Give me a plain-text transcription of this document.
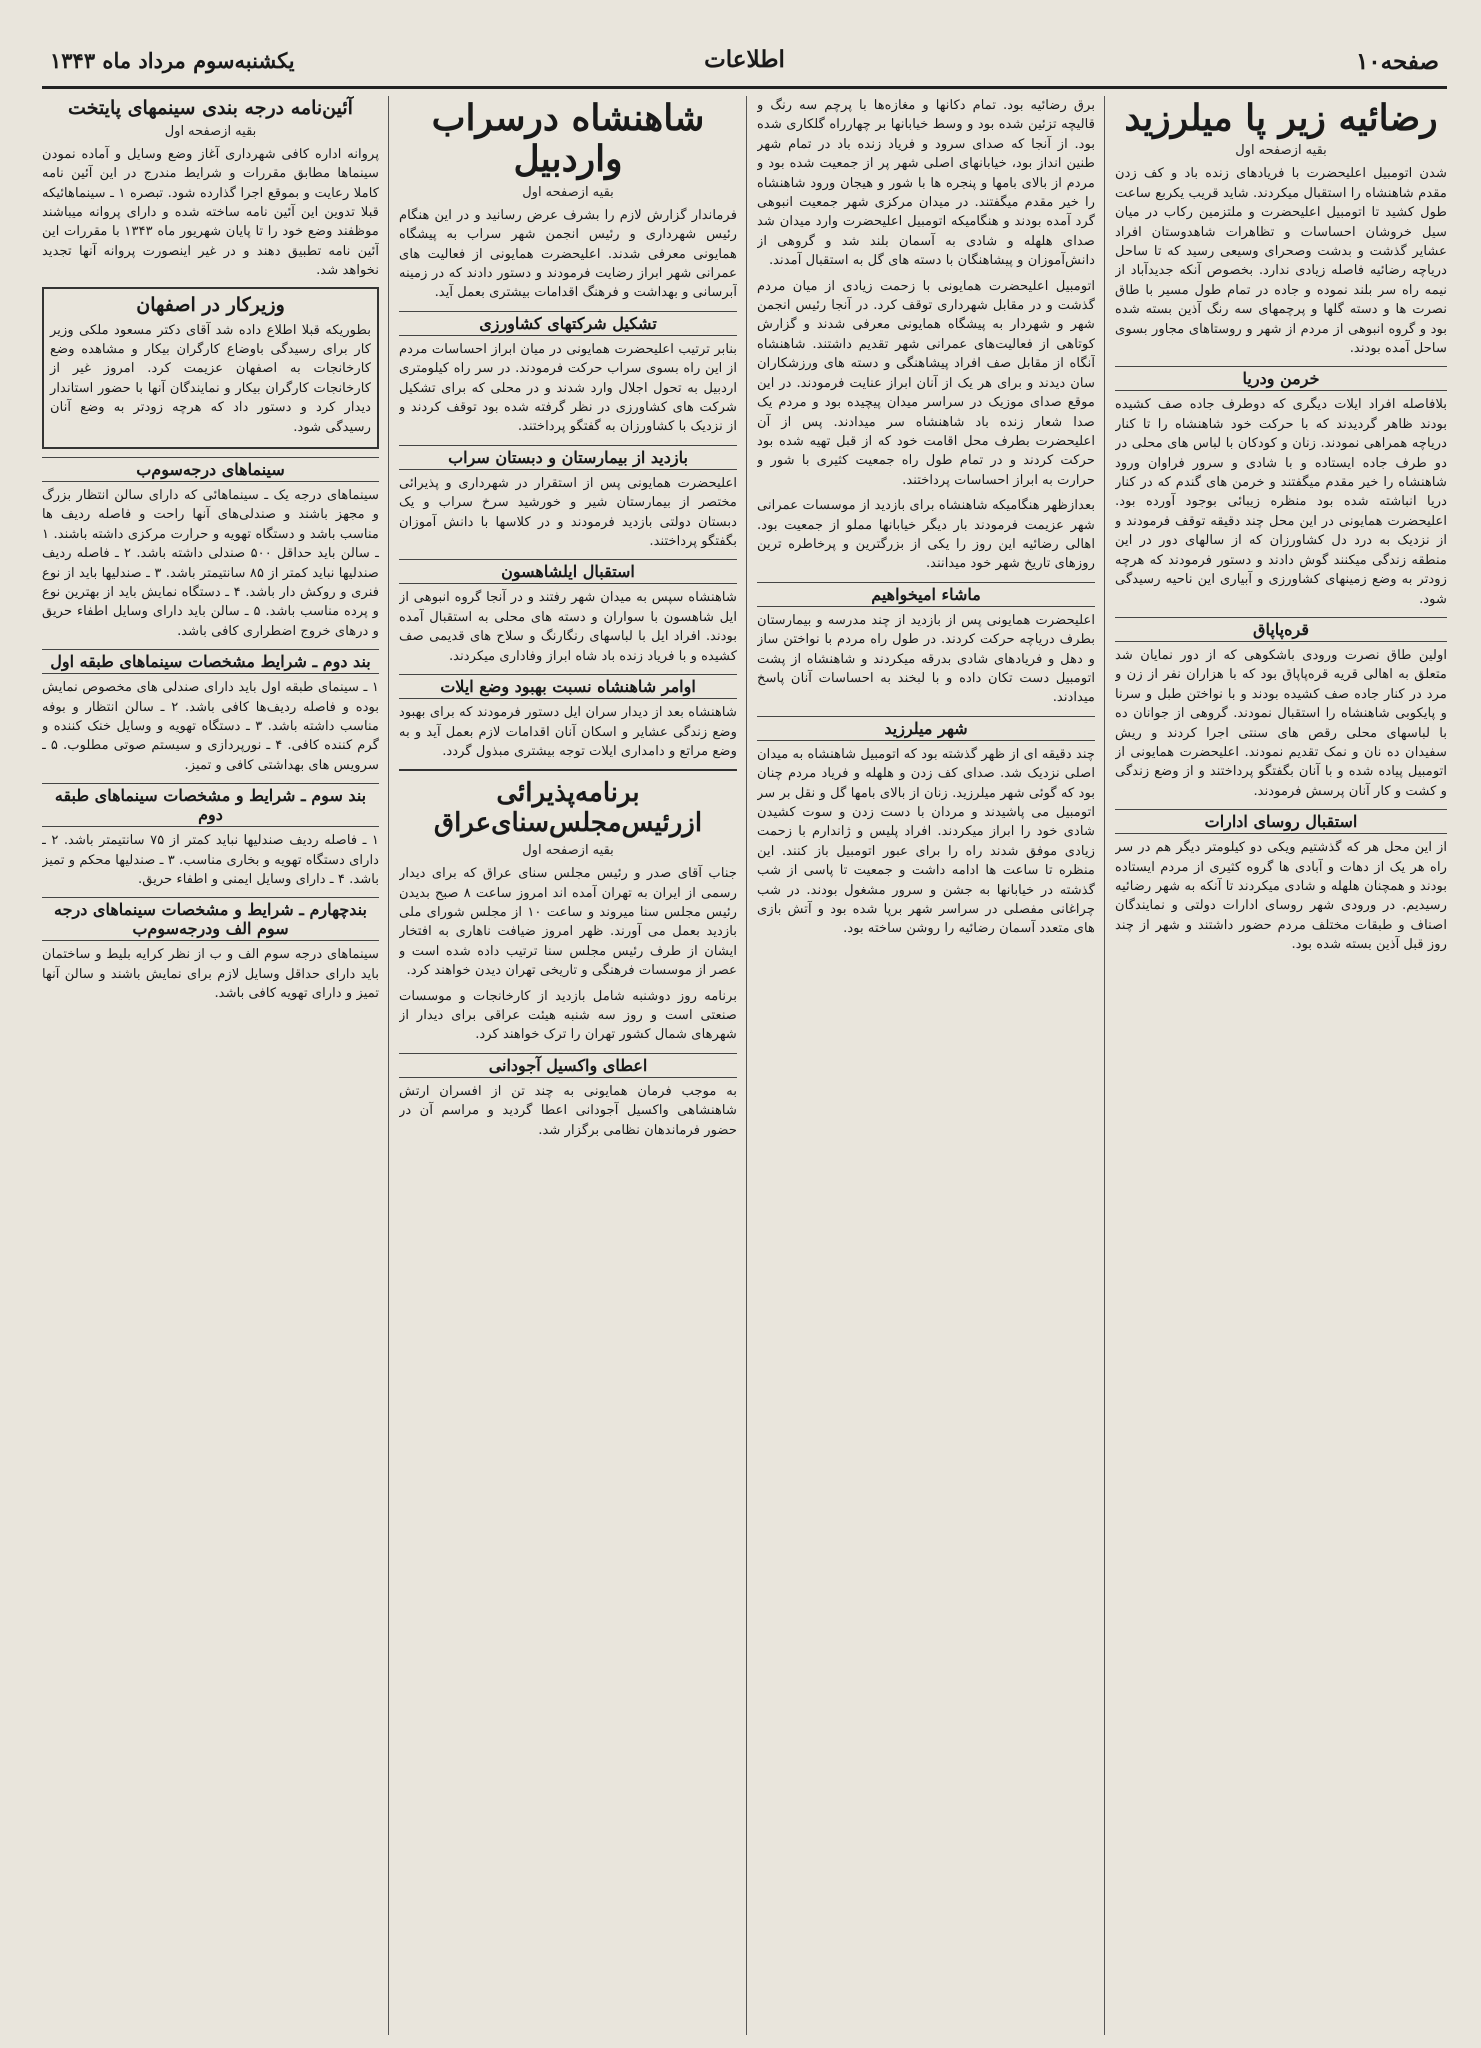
صفحه۱۰
اطلاعات
یکشنبه‌سوم مرداد ماه ۱۳۴۳
رضائیه زیر پا میلرزید
بقیه ازصفحه اول

شدن اتومبیل اعلیحضرت با فریادهای زنده باد و کف زدن مقدم شاهنشاه را استقبال میکردند. شاید قریب یکربع ساعت طول کشید تا اتومبیل اعلیحضرت و ملتزمین رکاب در میان سیل خروشان احساسات و تظاهرات شاهدوستان افراد عشایر گذشت و بدشت وصحرای وسیعی رسید که تا ساحل دریاچه رضائیه فاصله زیادی ندارد. بخصوص آنکه جدیدآباد از نیمه راه سر بلند نموده و جاده در تمام طول مسیر با طاق نصرت ها و دسته گلها و پرچمهای سه رنگ آذین بسته شده بود و گروه انبوهی از مردم از شهر و روستاهای مجاور بسوی ساحل آمده بودند.

خرمن ودریا

بلافاصله افراد ایلات دیگری که دوطرف جاده صف کشیده بودند ظاهر گردیدند که با حرکت خود شاهنشاه را تا کنار دریاچه همراهی نمودند. زنان و کودکان با لباس های محلی در دو طرف جاده ایستاده و با شادی و سرور فراوان ورود شاهنشاه را خیر مقدم میگفتند و خرمن های گندم که در کنار دریا انباشته شده بود منظره زیبائی بوجود آورده بود. اعلیحضرت همایونی در این محل چند دقیقه توقف فرمودند و از نزدیک به درد دل کشاورزان که از سالهای دور در این منطقه زندگی میکنند گوش دادند و دستور فرمودند که هرچه زودتر به وضع زمینهای کشاورزی و آبیاری این ناحیه رسیدگی شود.

قره‌پاپاق

اولین طاق نصرت ورودی باشکوهی که از دور نمایان شد متعلق به اهالی قریه قره‌پاپاق بود که با هزاران نفر از زن و مرد در کنار جاده صف کشیده بودند و با نواختن طبل و سرنا و پایکوبی شاهنشاه را استقبال نمودند. گروهی از جوانان ده با لباسهای محلی رقص های سنتی اجرا کردند و ریش سفیدان ده نان و نمک تقدیم نمودند. اعلیحضرت همایونی از اتومبیل پیاده شده و با آنان بگفتگو پرداختند و از وضع زندگی و کشت و کار آنان پرسش فرمودند.

استقبال روسای ادارات

از این محل هر که گذشتیم ویکی دو کیلومتر دیگر هم در سر راه هر یک از دهات و آبادی ها گروه کثیری از مردم ایستاده بودند و همچنان هلهله و شادی میکردند تا آنکه به شهر رضائیه رسیدیم. در ورودی شهر روسای ادارات دولتی و نمایندگان اصناف و طبقات مختلف مردم حضور داشتند و شهر از چند روز قبل آذین بسته شده بود.

برق رضائیه بود. تمام دکانها و مغازه‌ها با پرچم سه رنگ و قالیچه تزئین شده بود و وسط خیابانها بر چهارراه گلکاری شده بود. از آنجا که صدای سرود و فریاد زنده باد در تمام شهر طنین انداز بود، خیابانهای اصلی شهر پر از جمعیت شده بود و مردم از بالای بامها و پنجره ها با شور و هیجان ورود شاهنشاه را خیر مقدم میگفتند. در میدان مرکزی شهر جمعیت انبوهی گرد آمده بودند و هنگامیکه اتومبیل اعلیحضرت وارد میدان شد صدای هلهله و شادی به آسمان بلند شد و گروهی از دانش‌آموزان و پیشاهنگان با دسته های گل به استقبال آمدند.

اتومبیل اعلیحضرت همایونی با زحمت زیادی از میان مردم گذشت و در مقابل شهرداری توقف کرد. در آنجا رئیس انجمن شهر و شهردار به پیشگاه همایونی معرفی شدند و گزارش کوتاهی از فعالیت‌های عمرانی شهر تقدیم داشتند. شاهنشاه آنگاه از مقابل صف افراد پیشاهنگی و دسته های ورزشکاران سان دیدند و برای هر یک از آنان ابراز عنایت فرمودند. در این موقع صدای موزیک در سراسر میدان پیچیده بود و مردم یک صدا شعار زنده باد شاهنشاه سر میدادند. پس از آن اعلیحضرت بطرف محل اقامت خود که از قبل تهیه شده بود حرکت کردند و در تمام طول راه جمعیت کثیری با شور و حرارت به ابراز احساسات پرداختند.

بعدازظهر هنگامیکه شاهنشاه برای بازدید از موسسات عمرانی شهر عزیمت فرمودند بار دیگر خیابانها مملو از جمعیت بود. اهالی رضائیه این روز را یکی از بزرگترین و پرخاطره ترین روزهای تاریخ شهر خود میدانند.

ماشاء امیخواهیم

اعلیحضرت همایونی پس از بازدید از چند مدرسه و بیمارستان بطرف دریاچه حرکت کردند. در طول راه مردم با نواختن ساز و دهل و فریادهای شادی بدرقه میکردند و شاهنشاه از پشت اتومبیل دست تکان داده و با لبخند به احساسات آنان پاسخ میدادند.

شهر میلرزید

چند دقیقه ای از ظهر گذشته بود که اتومبیل شاهنشاه به میدان اصلی نزدیک شد. صدای کف زدن و هلهله و فریاد مردم چنان بود که گوئی شهر میلرزید. زنان از بالای بامها گل و نقل بر سر اتومبیل می پاشیدند و مردان با دست زدن و سوت کشیدن شادی خود را ابراز میکردند. افراد پلیس و ژاندارم با زحمت زیادی موفق شدند راه را برای عبور اتومبیل باز کنند. این منظره تا ساعت ها ادامه داشت و جمعیت تا پاسی از شب گذشته در خیابانها به جشن و سرور مشغول بودند. در شب چراغانی مفصلی در سراسر شهر برپا شده بود و آتش بازی های متعدد آسمان رضائیه را روشن ساخته بود.

شاهنشاه درسراب واردبیل
بقیه ازصفحه اول

فرماندار گزارش لازم را بشرف عرض رسانید و در این هنگام رئیس شهرداری و رئیس انجمن شهر سراب به پیشگاه همایونی معرفی شدند. اعلیحضرت همایونی از فعالیت های عمرانی شهر ابراز رضایت فرمودند و دستور دادند که در زمینه آبرسانی و بهداشت و فرهنگ اقدامات بیشتری بعمل آید.

تشکیل شرکتهای کشاورزی

بنابر ترتیب اعلیحضرت همایونی در میان ابراز احساسات مردم از این راه بسوی سراب حرکت فرمودند. در سر راه کیلومتری اردبیل به تحول اجلال وارد شدند و در محلی که برای تشکیل شرکت های کشاورزی در نظر گرفته شده بود توقف کردند و از نزدیک با کشاورزان به گفتگو پرداختند.

بازدید از بیمارستان و دبستان سراب

اعلیحضرت همایونی پس از استقرار در شهرداری و پذیرائی مختصر از بیمارستان شیر و خورشید سرخ سراب و یک دبستان دولتی بازدید فرمودند و در کلاسها با دانش آموزان بگفتگو پرداختند.

استقبال ایلشاهسون

شاهنشاه سپس به میدان شهر رفتند و در آنجا گروه انبوهی از ایل شاهسون با سواران و دسته های محلی به استقبال آمده بودند. افراد ایل با لباسهای رنگارنگ و سلاح های قدیمی صف کشیده و با فریاد زنده باد شاه ابراز وفاداری میکردند.

اوامر شاهنشاه نسبت بهبود وضع ایلات

شاهنشاه بعد از دیدار سران ایل دستور فرمودند که برای بهبود وضع زندگی عشایر و اسکان آنان اقدامات لازم بعمل آید و به وضع مراتع و دامداری ایلات توجه بیشتری مبذول گردد.

برنامه‌پذیرائی ازرئیس‌مجلس‌سنای‌عراق
بقیه ازصفحه اول

جناب آقای صدر و رئیس مجلس سنای عراق که برای دیدار رسمی از ایران به تهران آمده اند امروز ساعت ۸ صبح بدیدن رئیس مجلس سنا میروند و ساعت ۱۰ از مجلس شورای ملی بازدید بعمل می آورند. ظهر امروز ضیافت ناهاری به افتخار ایشان از طرف رئیس مجلس سنا ترتیب داده شده است و عصر از موسسات فرهنگی و تاریخی تهران دیدن خواهند کرد.

برنامه روز دوشنبه شامل بازدید از کارخانجات و موسسات صنعتی است و روز سه شنبه هیئت عراقی برای دیدار از شهرهای شمال کشور تهران را ترک خواهند کرد.

اعطای واکسیل آجودانی

به موجب فرمان همایونی به چند تن از افسران ارتش شاهنشاهی واکسیل آجودانی اعطا گردید و مراسم آن در حضور فرماندهان نظامی برگزار شد.

آئین‌نامه درجه بندی سینمهای پایتخت
بقیه ازصفحه اول

پروانه اداره کافی شهرداری آغاز وضع وسایل و آماده نمودن سینماها مطابق مقررات و شرایط مندرج در این آئین نامه کاملا رعایت و بموقع اجرا گذارده شود. تبصره ۱ ـ سینماهائیکه قبلا تدوین این آئین نامه ساخته شده و دارای پروانه میباشند موظفند وضع خود را تا پایان شهریور ماه ۱۳۴۳ با مقررات این آئین نامه تطبیق دهند و در غیر اینصورت پروانه آنها تجدید نخواهد شد.

وزیرکار در اصفهان

بطوریکه قبلا اطلاع داده شد آقای دکتر مسعود ملکی وزیر کار برای رسیدگی باوضاع کارگران بیکار و مشاهده وضع کارخانجات به اصفهان عزیمت کرد. امروز غیر از کارخانجات کارگران بیکار و نمایندگان آنها با حضور استاندار دیدار کرد و دستور داد که هرچه زودتر به وضع آنان رسیدگی شود.

سینماهای درجه‌سوم‌ب

سینماهای درجه یک ـ سینماهائی که دارای سالن انتظار بزرگ و مجهز باشند و صندلی‌های آنها راحت و فاصله ردیف ها مناسب باشد و دستگاه تهویه و حرارت مرکزی داشته باشند. ۱ ـ سالن باید حداقل ۵۰۰ صندلی داشته باشد. ۲ ـ فاصله ردیف صندلیها نباید کمتر از ۸۵ سانتیمتر باشد. ۳ ـ صندلیها باید از نوع فنری و روکش دار باشد. ۴ ـ دستگاه نمایش باید از بهترین نوع و پرده مناسب باشد. ۵ ـ سالن باید دارای وسایل اطفاء حریق و درهای خروج اضطراری کافی باشد.

بند دوم ـ شرایط مشخصات سینماهای طبقه اول

۱ ـ سینمای طبقه اول باید دارای صندلی های مخصوص نمایش بوده و فاصله ردیف‌ها کافی باشد. ۲ ـ سالن انتظار و بوفه مناسب داشته باشد. ۳ ـ دستگاه تهویه و وسایل خنک کننده و گرم کننده کافی. ۴ ـ نورپردازی و سیستم صوتی مطلوب. ۵ ـ سرویس های بهداشتی کافی و تمیز.

بند سوم ـ شرایط و مشخصات سینماهای طبقه دوم

۱ ـ فاصله ردیف صندلیها نباید کمتر از ۷۵ سانتیمتر باشد. ۲ ـ دارای دستگاه تهویه و بخاری مناسب. ۳ ـ صندلیها محکم و تمیز باشد. ۴ ـ دارای وسایل ایمنی و اطفاء حریق.

بندچهارم ـ شرایط و مشخصات سینماهای درجه سوم الف ودرجه‌سوم‌ب

سینماهای درجه سوم الف و ب از نظر کرایه بلیط و ساختمان باید دارای حداقل وسایل لازم برای نمایش باشند و سالن آنها تمیز و دارای تهویه کافی باشد.
